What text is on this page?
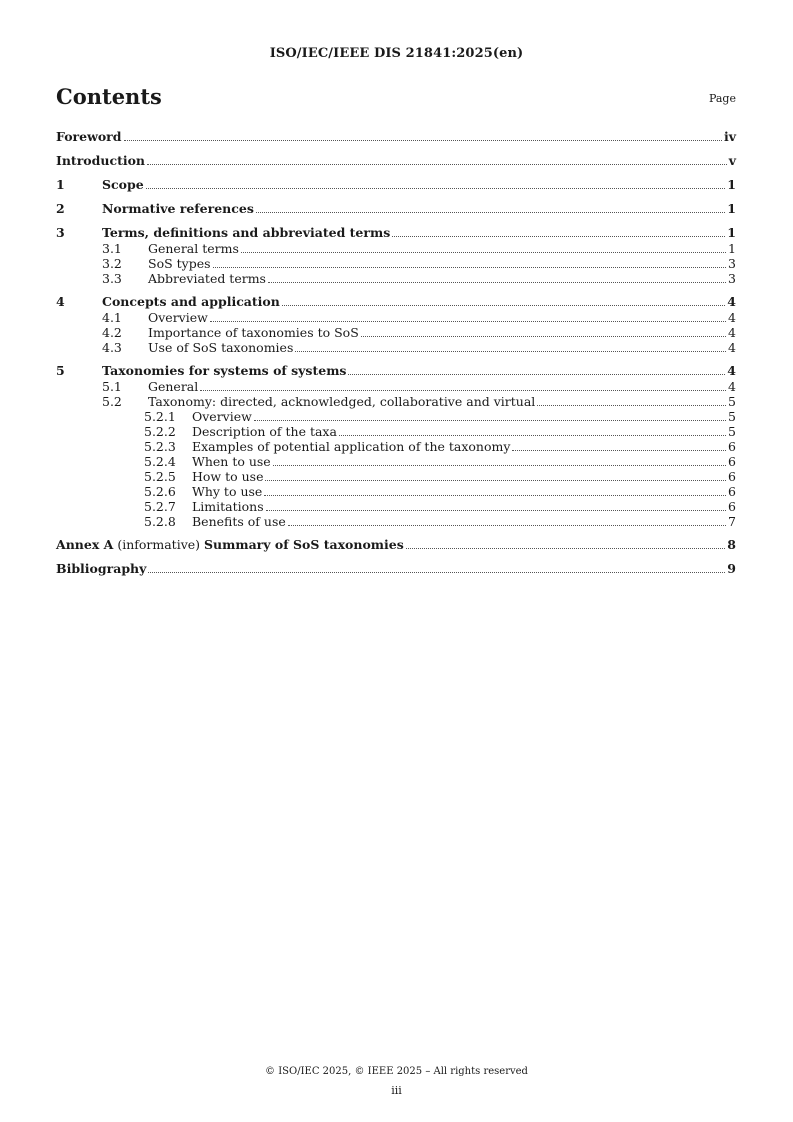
ISO/IEC/IEEE DIS 21841:2025(en)
Contents	Page
Foreword	iv
Introduction	v
1	Scope	1
2	Normative references	1
3	Terms, definitions and abbreviated terms	1
3.1	General terms	1
3.2	SoS types	3
3.3	Abbreviated terms	3
4	Concepts and application	4
4.1	Overview	4
4.2	Importance of taxonomies to SoS	4
4.3	Use of SoS taxonomies	4
5	Taxonomies for systems of systems	4
5.1	General	4
5.2	Taxonomy: directed, acknowledged, collaborative and virtual	5
5.2.1	Overview	5
5.2.2	Description of the taxa	5
5.2.3	Examples of potential application of the taxonomy	6
5.2.4	When to use	6
5.2.5	How to use	6
5.2.6	Why to use	6
5.2.7	Limitations	6
5.2.8	Benefits of use	7
Annex A (informative) Summary of SoS taxonomies	8
Bibliography	9
© ISO/IEC 2025, © IEEE 2025 – All rights reserved
iii
